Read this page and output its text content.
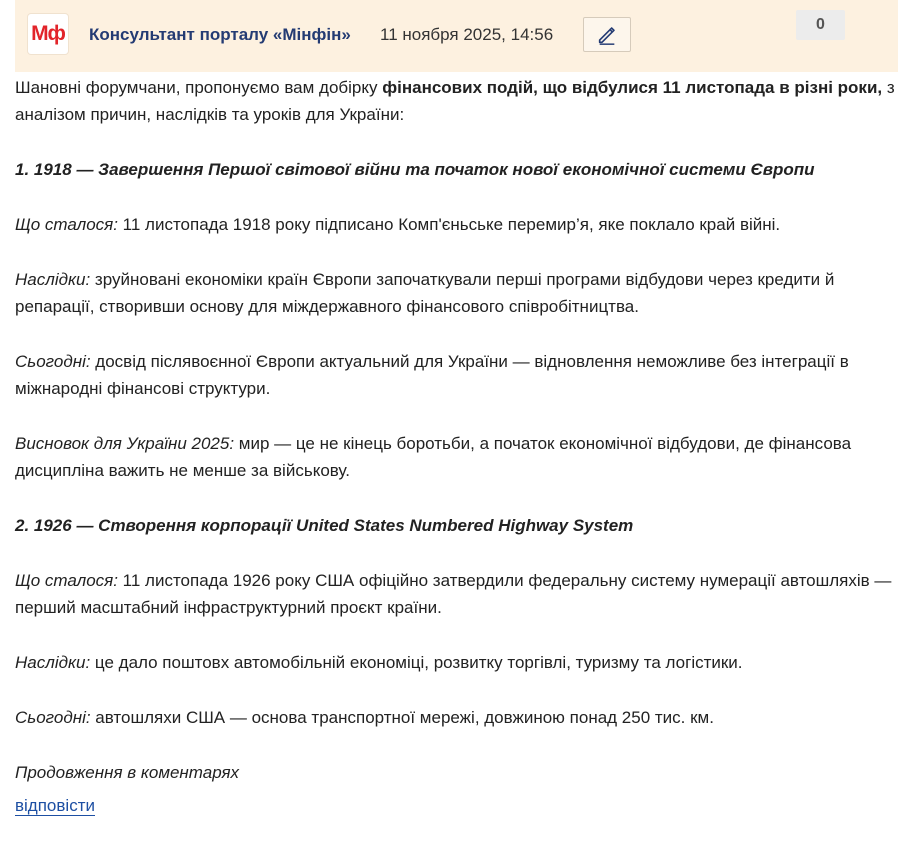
Мф Консультант порталу «Мінфін» 11 ноября 2025, 14:56
0

Шановні форумчани, пропонуємо вам добірку фінансових подій, що відбулися 11 листопада в різні роки, з аналізом причин, наслідків та уроків для України:

1. 1918 — Завершення Першої світової війни та початок нової економічної системи Європи

Що сталося: 11 листопада 1918 року підписано Комп'єньське перемир’я, яке поклало край війні.

Наслідки: зруйновані економіки країн Європи започаткували перші програми відбудови через кредити й репарації, створивши основу для міждержавного фінансового співробітництва.

Сьогодні: досвід післявоєнної Європи актуальний для України — відновлення неможливе без інтеграції в міжнародні фінансові структури.

Висновок для України 2025: мир — це не кінець боротьби, а початок економічної відбудови, де фінансова дисципліна важить не менше за військову.

2. 1926 — Створення корпорації United States Numbered Highway System

Що сталося: 11 листопада 1926 року США офіційно затвердили федеральну систему нумерації автошляхів — перший масштабний інфраструктурний проєкт країни.

Наслідки: це дало поштовх автомобільній економіці, розвитку торгівлі, туризму та логістики.

Сьогодні: автошляхи США — основа транспортної мережі, довжиною понад 250 тис. км.

Продовження в коментарях

відповісти
